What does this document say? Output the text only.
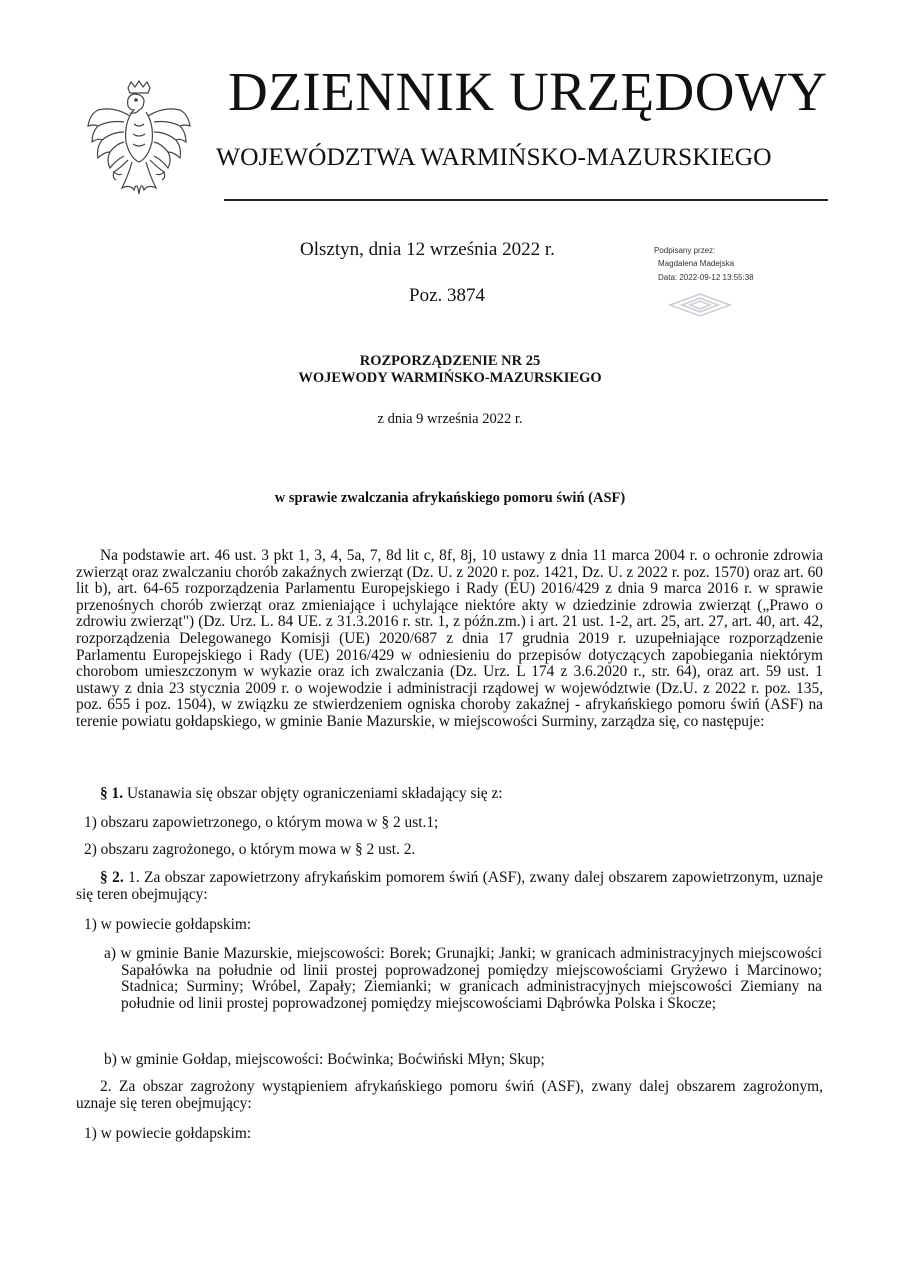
DZIENNIK URZĘDOWY
WOJEWÓDZTWA WARMIŃSKO-MAZURSKIEGO
Olsztyn, dnia 12 września 2022 r.
Poz. 3874
Podpisany przez:
Magdalena Madejska
Data: 2022-09-12 13:55:38
ROZPORZĄDZENIE NR 25
WOJEWODY WARMIŃSKO-MAZURSKIEGO
z dnia 9 września 2022 r.
w sprawie zwalczania afrykańskiego pomoru świń (ASF)
Na podstawie art. 46 ust. 3 pkt 1, 3, 4, 5a, 7, 8d lit c, 8f, 8j, 10 ustawy z dnia 11 marca 2004 r. o ochronie zdrowia zwierząt oraz zwalczaniu chorób zakaźnych zwierząt (Dz. U. z 2020 r. poz. 1421, Dz. U. z 2022 r. poz. 1570) oraz art. 60 lit b), art. 64-65 rozporządzenia Parlamentu Europejskiego i Rady (EU) 2016/429 z dnia 9 marca 2016 r. w sprawie przenośnych chorób zwierząt oraz zmieniające i uchylające niektóre akty w dziedzinie zdrowia zwierząt („Prawo o zdrowiu zwierząt") (Dz. Urz. L. 84 UE. z 31.3.2016 r. str. 1, z późn.zm.) i art. 21 ust. 1-2, art. 25, art. 27, art. 40, art. 42, rozporządzenia Delegowanego Komisji (UE) 2020/687 z dnia 17 grudnia 2019 r. uzupełniające rozporządzenie Parlamentu Europejskiego i Rady (UE) 2016/429 w odniesieniu do przepisów dotyczących zapobiegania niektórym chorobom umieszczonym w wykazie oraz ich zwalczania (Dz. Urz. L 174 z 3.6.2020 r., str. 64), oraz art. 59 ust. 1 ustawy z dnia 23 stycznia 2009 r. o wojewodzie i administracji rządowej w województwie (Dz.U. z 2022 r. poz. 135, poz. 655 i poz. 1504), w związku ze stwierdzeniem ogniska choroby zakaźnej - afrykańskiego pomoru świń (ASF) na terenie powiatu gołdapskiego, w gminie Banie Mazurskie, w miejscowości Surminy, zarządza się, co następuje:
§ 1. Ustanawia się obszar objęty ograniczeniami składający się z:
1) obszaru zapowietrzonego, o którym mowa w § 2 ust.1;
2) obszaru zagrożonego, o którym mowa w § 2 ust. 2.
§ 2. 1. Za obszar zapowietrzony afrykańskim pomorem świń (ASF), zwany dalej obszarem zapowietrzonym, uznaje się teren obejmujący:
1) w powiecie gołdapskim:
a) w gminie Banie Mazurskie, miejscowości: Borek; Grunajki; Janki; w granicach administracyjnych miejscowości Sapałówka na południe od linii prostej poprowadzonej pomiędzy miejscowościami Gryżewo i Marcinowo; Stadnica; Surminy; Wróbel, Zapały; Ziemianki; w granicach administracyjnych miejscowości Ziemiany na południe od linii prostej poprowadzonej pomiędzy miejscowościami Dąbrówka Polska i Skocze;
b) w gminie Gołdap, miejscowości: Boćwinka; Boćwiński Młyn; Skup;
2. Za obszar zagrożony wystąpieniem afrykańskiego pomoru świń (ASF), zwany dalej obszarem zagrożonym, uznaje się teren obejmujący:
1) w powiecie gołdapskim:
